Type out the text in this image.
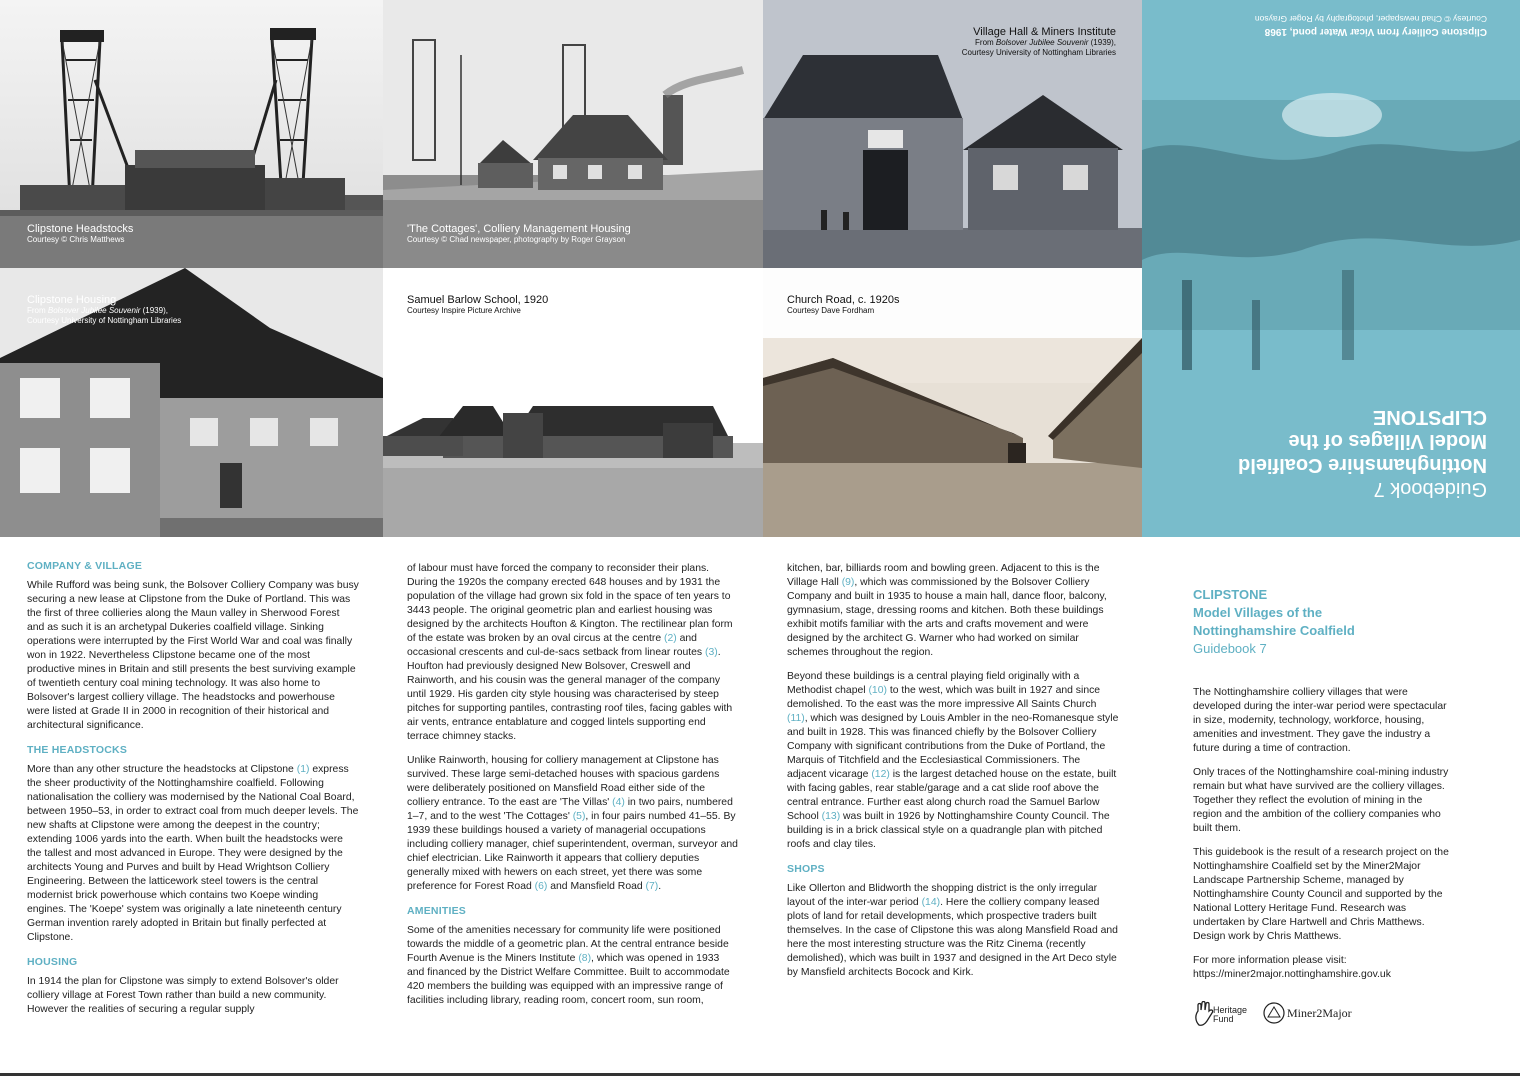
Clipstone Headstocks
Courtesy © Chris Matthews
'The Cottages', Colliery Management Housing
Courtesy © Chad newspaper, photography by Roger Grayson
Village Hall & Miners Institute
From Bolsover Jubilee Souvenir (1939),
Courtesy University of Nottingham Libraries
Clipstone Housing
From Bolsover Jubilee Souvenir (1939),
Courtesy University of Nottingham Libraries
Samuel Barlow School, 1920
Courtesy Inspire Picture Archive
Church Road, c. 1920s
Courtesy Dave Fordham
Clipstone Colliery from Vicar Water pond, 1968
Courtesy © Chad newspaper, photography by Roger Grayson
Guidebook 7
Nottinghamshire Coalfield
Model Villages of the
CLIPSTONE
COMPANY & VILLAGE

While Rufford was being sunk, the Bolsover Colliery Company was busy securing a new lease at Clipstone from the Duke of Portland. This was the first of three collieries along the Maun valley in Sherwood Forest and as such it is an archetypal Dukeries coalfield village. Sinking operations were interrupted by the First World War and coal was finally won in 1922. Nevertheless Clipstone became one of the most productive mines in Britain and still presents the best surviving example of twentieth century coal mining technology. It was also home to Bolsover's largest colliery village. The headstocks and powerhouse were listed at Grade II in 2000 in recognition of their historical and architectural significance.

THE HEADSTOCKS

More than any other structure the headstocks at Clipstone (1) express the sheer productivity of the Nottinghamshire coalfield. Following nationalisation the colliery was modernised by the National Coal Board, between 1950–53, in order to extract coal from much deeper levels. The new shafts at Clipstone were among the deepest in the country; extending 1006 yards into the earth. When built the headstocks were the tallest and most advanced in Europe. They were designed by the architects Young and Purves and built by Head Wrightson Colliery Engineering. Between the latticework steel towers is the central modernist brick powerhouse which contains two Koepe winding engines. The 'Koepe' system was originally a late nineteenth century German invention rarely adopted in Britain but finally perfected at Clipstone.

HOUSING

In 1914 the plan for Clipstone was simply to extend Bolsover's older colliery village at Forest Town rather than build a new community. However the realities of securing a regular supply

of labour must have forced the company to reconsider their plans. During the 1920s the company erected 648 houses and by 1931 the population of the village had grown six fold in the space of ten years to 3443 people. The original geometric plan and earliest housing was designed by the architects Houfton & Kington. The rectilinear plan form of the estate was broken by an oval circus at the centre (2) and occasional crescents and cul-de-sacs setback from linear routes (3). Houfton had previously designed New Bolsover, Creswell and Rainworth, and his cousin was the general manager of the company until 1929. His garden city style housing was characterised by steep pitches for supporting pantiles, contrasting roof tiles, facing gables with air vents, entrance entablature and cogged lintels supporting end terrace chimney stacks.

Unlike Rainworth, housing for colliery management at Clipstone has survived. These large semi-detached houses with spacious gardens were deliberately positioned on Mansfield Road either side of the colliery entrance. To the east are 'The Villas' (4) in two pairs, numbered 1–7, and to the west 'The Cottages' (5), in four pairs numbed 41–55. By 1939 these buildings housed a variety of managerial occupations including colliery manager, chief superintendent, overman, surveyor and chief electrician. Like Rainworth it appears that colliery deputies generally mixed with hewers on each street, yet there was some preference for Forest Road (6) and Mansfield Road (7).

AMENITIES

Some of the amenities necessary for community life were positioned towards the middle of a geometric plan. At the central entrance beside Fourth Avenue is the Miners Institute (8), which was opened in 1933 and financed by the District Welfare Committee. Built to accommodate 420 members the building was equipped with an impressive range of facilities including library, reading room, concert room, sun room,

kitchen, bar, billiards room and bowling green. Adjacent to this is the Village Hall (9), which was commissioned by the Bolsover Colliery Company and built in 1935 to house a main hall, dance floor, balcony, gymnasium, stage, dressing rooms and kitchen. Both these buildings exhibit motifs familiar with the arts and crafts movement and were designed by the architect G. Warner who had worked on similar schemes throughout the region.

Beyond these buildings is a central playing field originally with a Methodist chapel (10) to the west, which was built in 1927 and since demolished. To the east was the more impressive All Saints Church (11), which was designed by Louis Ambler in the neo-Romanesque style and built in 1928. This was financed chiefly by the Bolsover Colliery Company with significant contributions from the Duke of Portland, the Marquis of Titchfield and the Ecclesiastical Commissioners. The adjacent vicarage (12) is the largest detached house on the estate, built with facing gables, rear stable/garage and a cat slide roof above the central entrance. Further east along church road the Samuel Barlow School (13) was built in 1926 by Nottinghamshire County Council. The building is in a brick classical style on a quadrangle plan with pitched roofs and clay tiles.

SHOPS

Like Ollerton and Blidworth the shopping district is the only irregular layout of the inter-war period (14). Here the colliery company leased plots of land for retail developments, which prospective traders built themselves. In the case of Clipstone this was along Mansfield Road and here the most interesting structure was the Ritz Cinema (recently demolished), which was built in 1937 and designed in the Art Deco style by Mansfield architects Bocock and Kirk.

CLIPSTONE
Model Villages of the
Nottinghamshire Coalfield
Guidebook 7

The Nottinghamshire colliery villages that were developed during the inter-war period were spectacular in size, modernity, technology, workforce, housing, amenities and investment. They gave the industry a future during a time of contraction.

Only traces of the Nottinghamshire coal-mining industry remain but what have survived are the colliery villages. Together they reflect the evolution of mining in the region and the ambition of the colliery companies who built them.

This guidebook is the result of a research project on the Nottinghamshire Coalfield set by the Miner2Major Landscape Partnership Scheme, managed by Nottinghamshire County Council and supported by the National Lottery Heritage Fund. Research was undertaken by Clare Hartwell and Chris Matthews. Design work by Chris Matthews.

For more information please visit:
https://miner2major.nottinghamshire.gov.uk

Heritage
Fund	Miner2Major
